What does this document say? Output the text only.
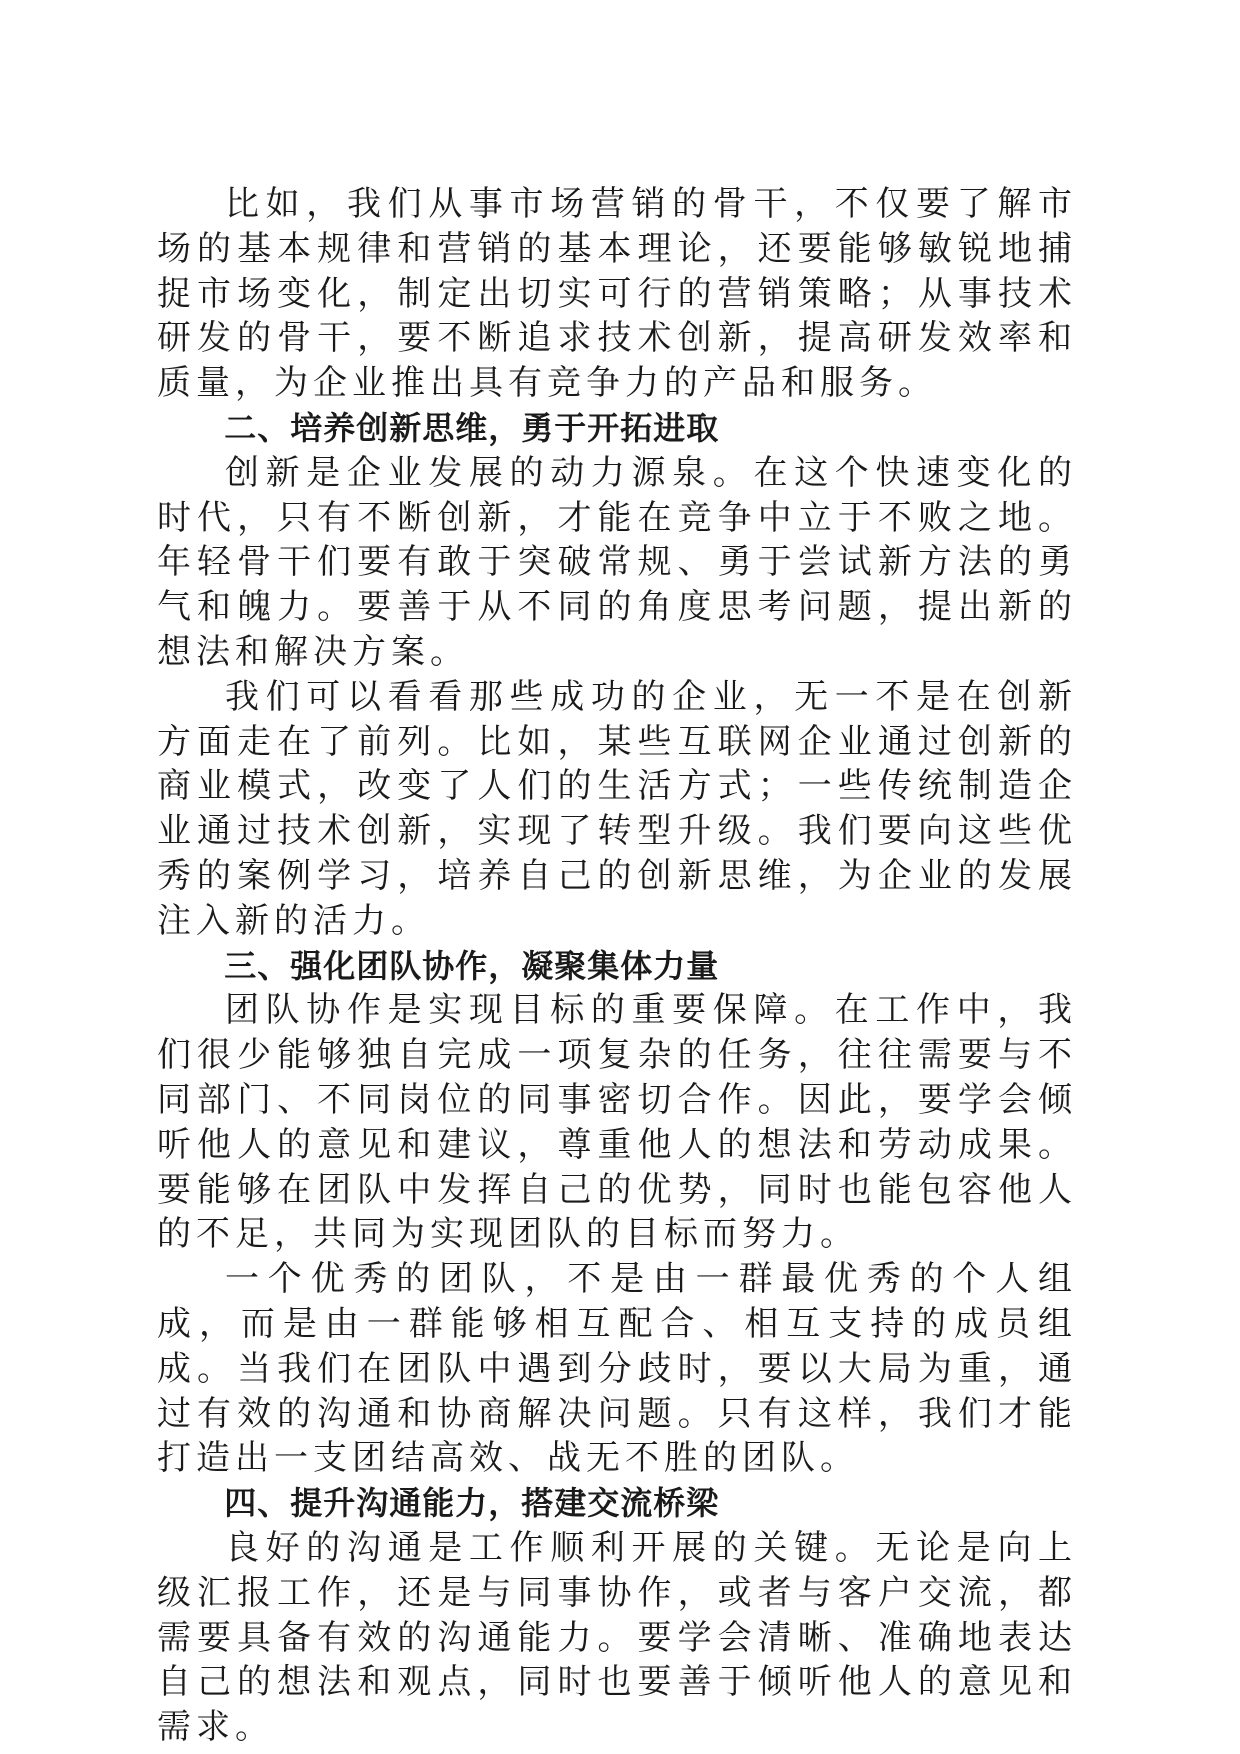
比如，我们从事市场营销的骨干，不仅要了解市场的基本规律和营销的基本理论，还要能够敏锐地捕捉市场变化，制定出切实可行的营销策略；从事技术研发的骨干，要不断追求技术创新，提高研发效率和质量，为企业推出具有竞争力的产品和服务。

二、培养创新思维，勇于开拓进取

创新是企业发展的动力源泉。在这个快速变化的时代，只有不断创新，才能在竞争中立于不败之地。年轻骨干们要有敢于突破常规、勇于尝试新方法的勇气和魄力。要善于从不同的角度思考问题，提出新的想法和解决方案。

我们可以看看那些成功的企业，无一不是在创新方面走在了前列。比如，某些互联网企业通过创新的商业模式，改变了人们的生活方式；一些传统制造企业通过技术创新，实现了转型升级。我们要向这些优秀的案例学习，培养自己的创新思维，为企业的发展注入新的活力。

三、强化团队协作，凝聚集体力量

团队协作是实现目标的重要保障。在工作中，我们很少能够独自完成一项复杂的任务，往往需要与不同部门、不同岗位的同事密切合作。因此，要学会倾听他人的意见和建议，尊重他人的想法和劳动成果。要能够在团队中发挥自己的优势，同时也能包容他人的不足，共同为实现团队的目标而努力。

一个优秀的团队，不是由一群最优秀的个人组成，而是由一群能够相互配合、相互支持的成员组成。当我们在团队中遇到分歧时，要以大局为重，通过有效的沟通和协商解决问题。只有这样，我们才能打造出一支团结高效、战无不胜的团队。

四、提升沟通能力，搭建交流桥梁

良好的沟通是工作顺利开展的关键。无论是向上级汇报工作，还是与同事协作，或者与客户交流，都需要具备有效的沟通能力。要学会清晰、准确地表达自己的想法和观点，同时也要善于倾听他人的意见和需求。
